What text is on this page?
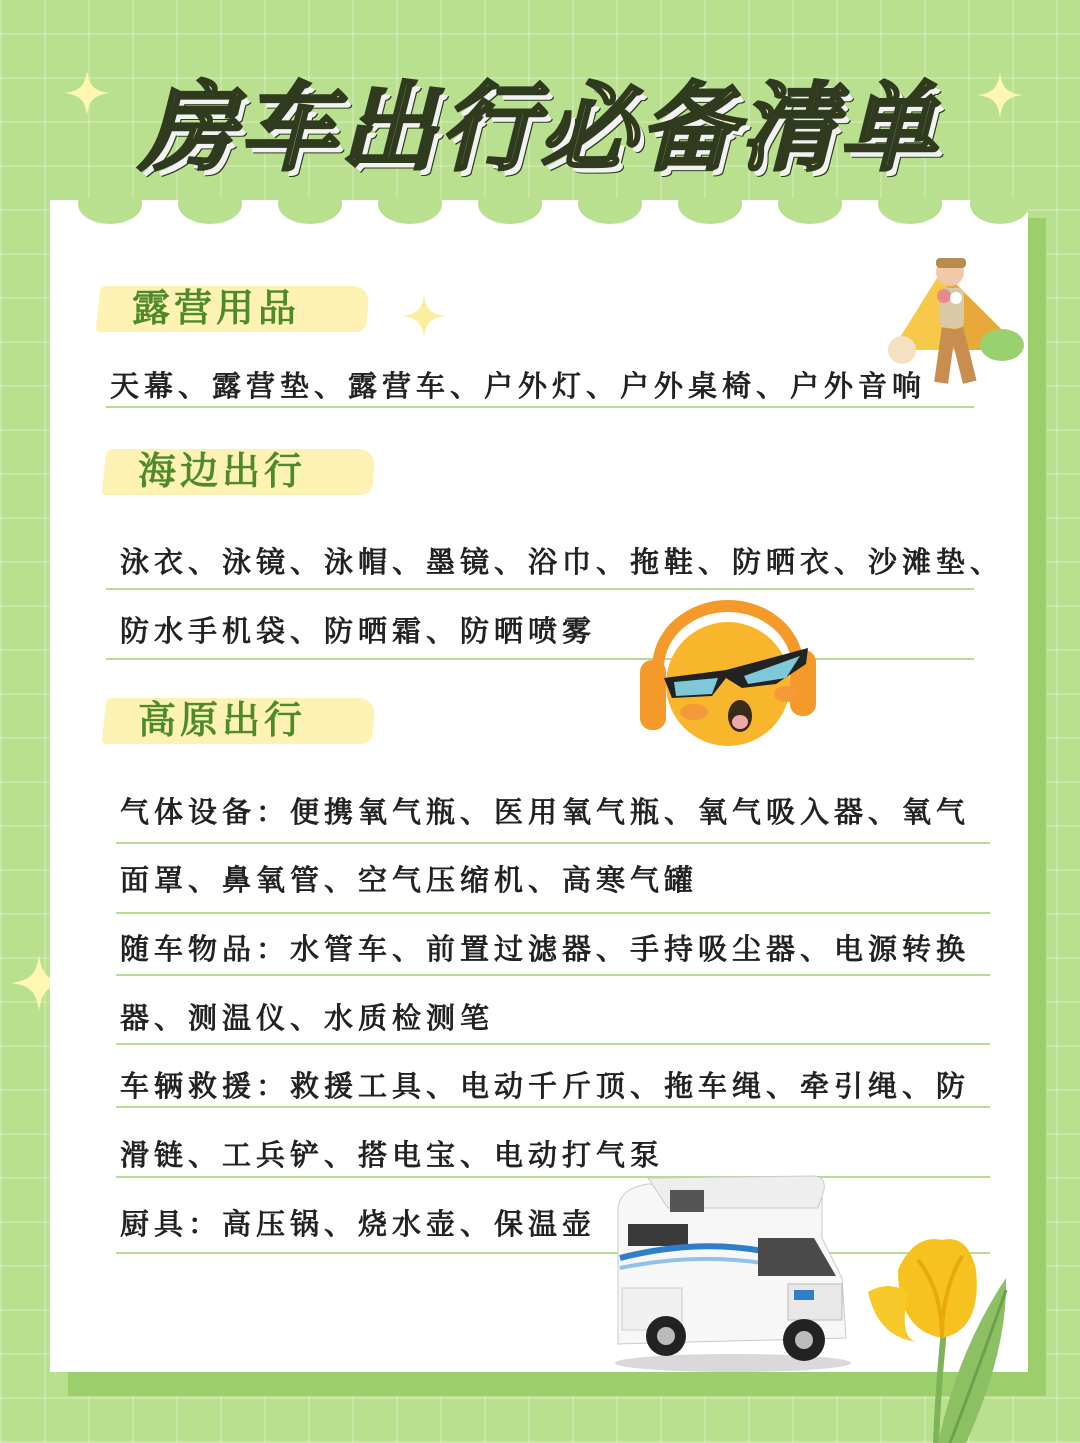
房车出行必备清单
露营用品
天幕、露营垫、露营车、户外灯、户外桌椅、户外音响
海边出行
泳衣、泳镜、泳帽、墨镜、浴巾、拖鞋、防晒衣、沙滩垫、
防水手机袋、防晒霜、防晒喷雾
高原出行
气体设备：便携氧气瓶、医用氧气瓶、氧气吸入器、氧气
面罩、鼻氧管、空气压缩机、高寒气罐
随车物品：水管车、前置过滤器、手持吸尘器、电源转换
器、测温仪、水质检测笔
车辆救援：救援工具、电动千斤顶、拖车绳、牵引绳、防
滑链、工兵铲、搭电宝、电动打气泵
厨具：高压锅、烧水壶、保温壶
